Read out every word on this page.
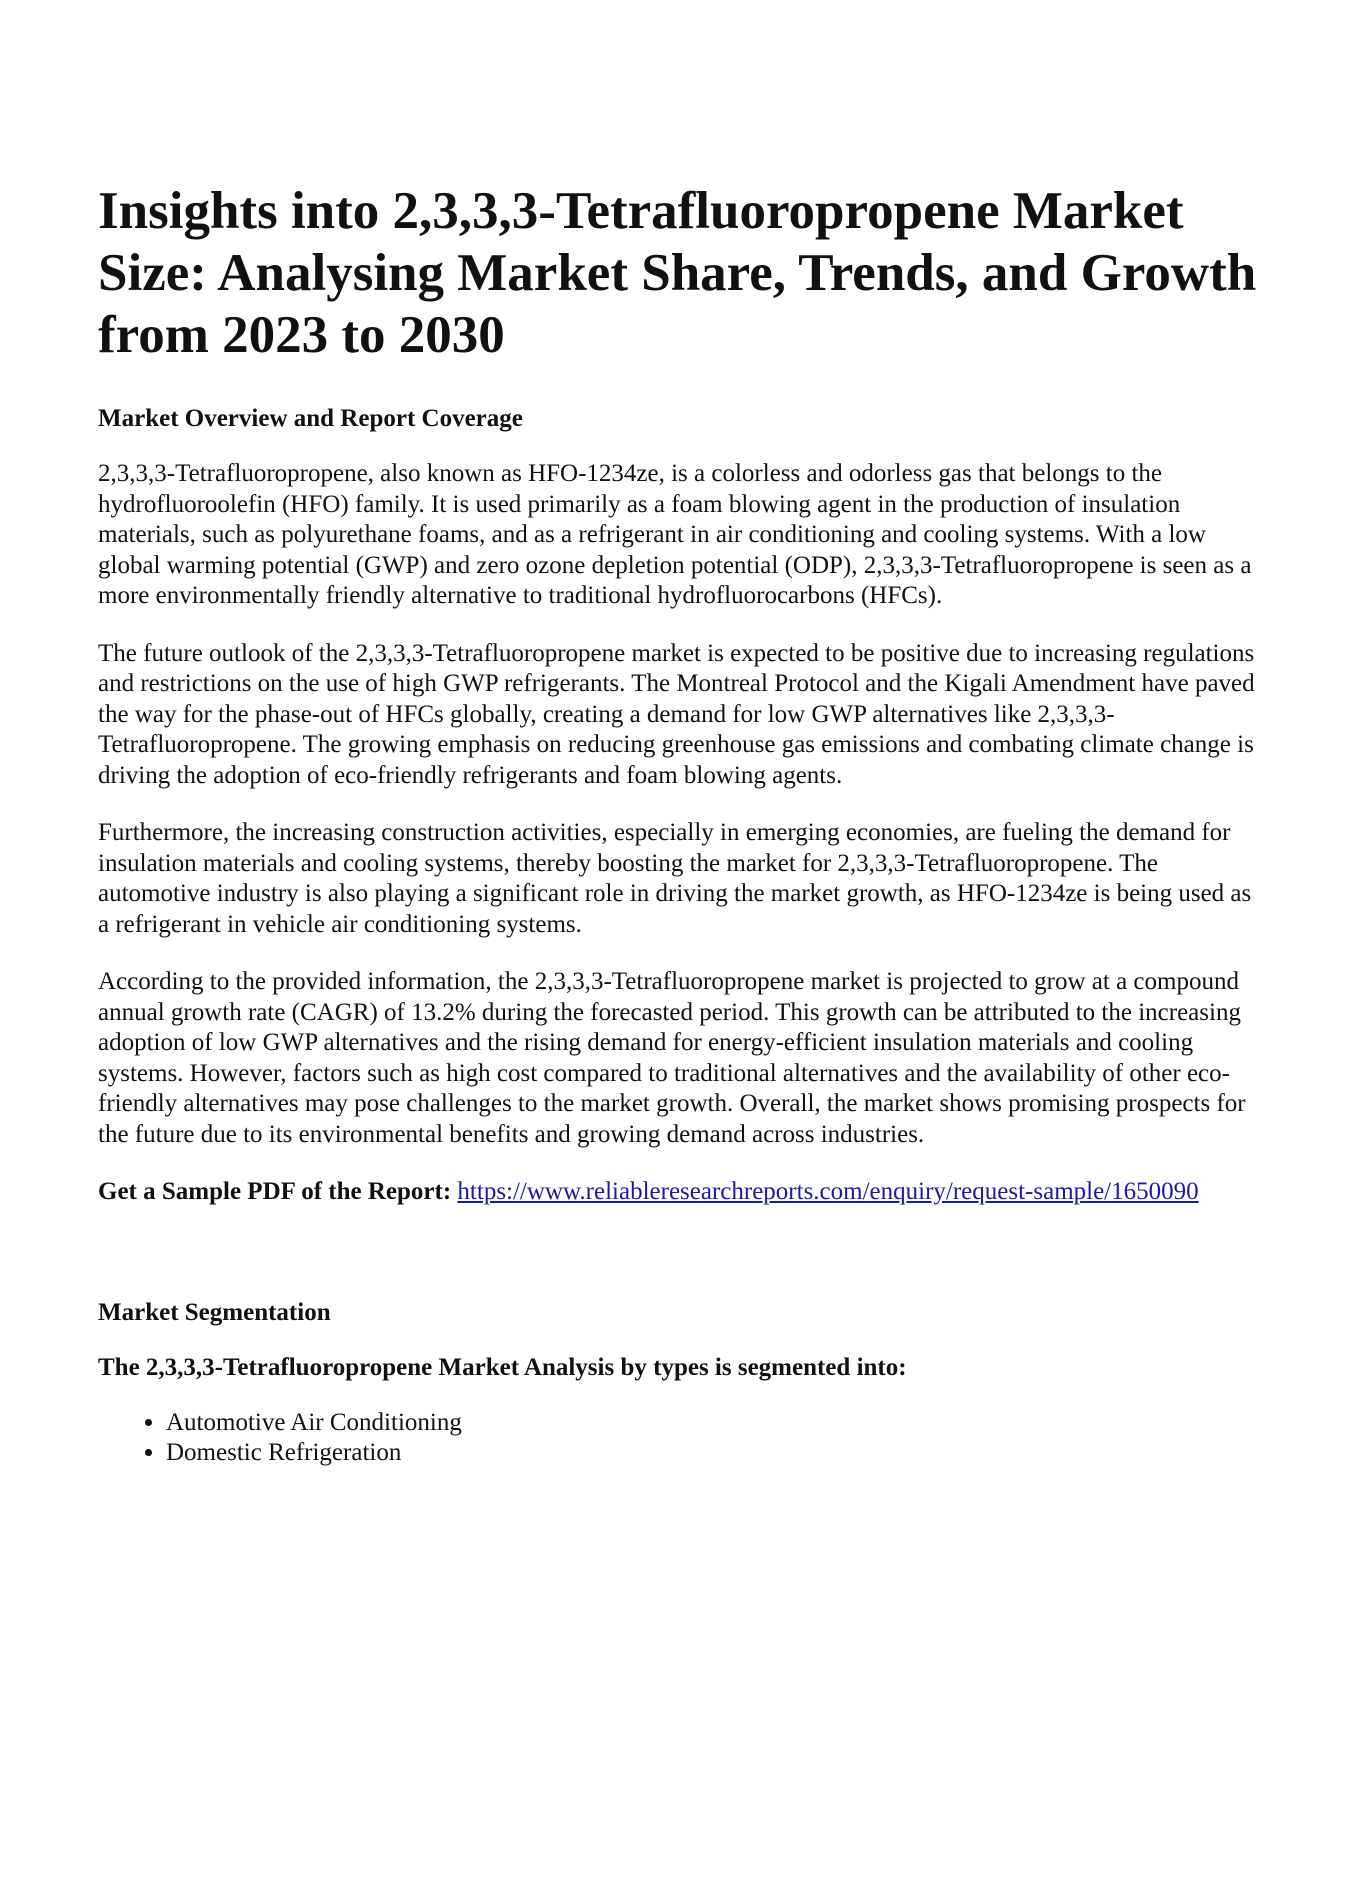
Insights into 2,3,3,3-Tetrafluoropropene Market Size: Analysing Market Share, Trends, and Growth from 2023 to 2030
Market Overview and Report Coverage

2,3,3,3-Tetrafluoropropene, also known as HFO-1234ze, is a colorless and odorless gas that belongs to the hydrofluoroolefin (HFO) family. It is used primarily as a foam blowing agent in the production of insulation materials, such as polyurethane foams, and as a refrigerant in air conditioning and cooling systems. With a low global warming potential (GWP) and zero ozone depletion potential (ODP), 2,3,3,3-Tetrafluoropropene is seen as a more environmentally friendly alternative to traditional hydrofluorocarbons (HFCs).

The future outlook of the 2,3,3,3-Tetrafluoropropene market is expected to be positive due to increasing regulations and restrictions on the use of high GWP refrigerants. The Montreal Protocol and the Kigali Amendment have paved the way for the phase-out of HFCs globally, creating a demand for low GWP alternatives like 2,3,3,3-Tetrafluoropropene. The growing emphasis on reducing greenhouse gas emissions and combating climate change is driving the adoption of eco-friendly refrigerants and foam blowing agents.

Furthermore, the increasing construction activities, especially in emerging economies, are fueling the demand for insulation materials and cooling systems, thereby boosting the market for 2,3,3,3-Tetrafluoropropene. The automotive industry is also playing a significant role in driving the market growth, as HFO-1234ze is being used as a refrigerant in vehicle air conditioning systems.

According to the provided information, the 2,3,3,3-Tetrafluoropropene market is projected to grow at a compound annual growth rate (CAGR) of 13.2% during the forecasted period. This growth can be attributed to the increasing adoption of low GWP alternatives and the rising demand for energy-efficient insulation materials and cooling systems. However, factors such as high cost compared to traditional alternatives and the availability of other eco-friendly alternatives may pose challenges to the market growth. Overall, the market shows promising prospects for the future due to its environmental benefits and growing demand across industries.

Get a Sample PDF of the Report: https://www.reliableresearchreports.com/enquiry/request-sample/1650090
Market Segmentation
The 2,3,3,3-Tetrafluoropropene Market Analysis by types is segmented into:
• Automotive Air Conditioning
• Domestic Refrigeration
